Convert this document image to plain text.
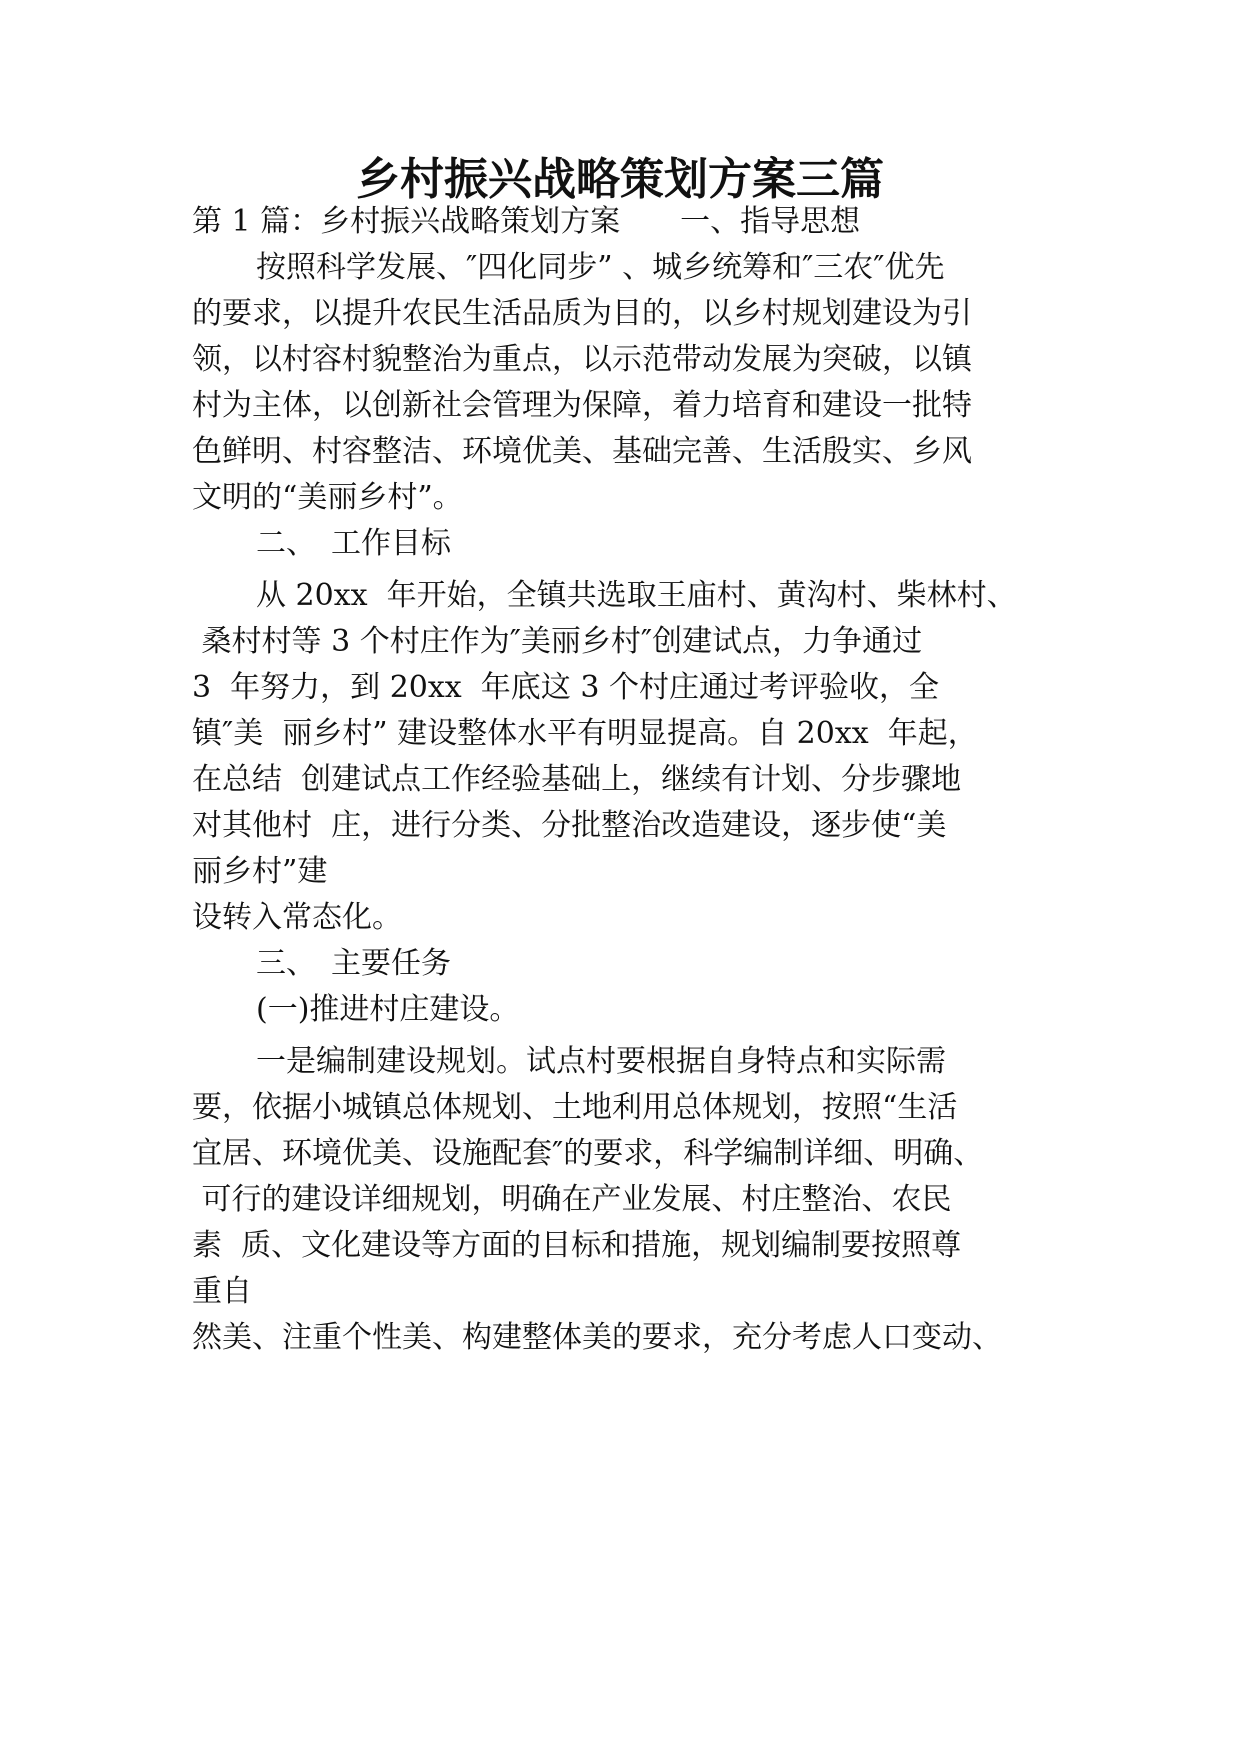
乡村振兴战略策划方案三篇

第 1 篇：乡村振兴战略策划方案　　一、指导思想

按照科学发展、″四化同步” 、城乡统筹和″三农″优先

的要求，以提升农民生活品质为目的，以乡村规划建设为引

领，以村容村貌整治为重点，以示范带动发展为突破，以镇

村为主体，以创新社会管理为保障，着力培育和建设一批特

色鲜明、村容整洁、环境优美、基础完善、生活殷实、乡风

文明的“美丽乡村”。

二、　工作目标

从 20xx  年开始，全镇共选取王庙村、黄沟村、柴林村、

桑村村等 3 个村庄作为″美丽乡村″创建试点，力争通过

3  年努力，到 20xx  年底这 3 个村庄通过考评验收，全

镇″美  丽乡村” 建设整体水平有明显提高。自 20xx  年起，

在总结  创建试点工作经验基础上，继续有计划、分步骤地

对其他村  庄，进行分类、分批整治改造建设，逐步使“美

丽乡村”建

设转入常态化。

三、　主要任务

(一)推进村庄建设。

一是编制建设规划。试点村要根据自身特点和实际需

要，依据小城镇总体规划、土地利用总体规划，按照“生活

宜居、环境优美、设施配套″的要求，科学编制详细、明确、

可行的建设详细规划，明确在产业发展、村庄整治、农民

素  质、文化建设等方面的目标和措施，规划编制要按照尊

重自

然美、注重个性美、构建整体美的要求，充分考虑人口变动、
